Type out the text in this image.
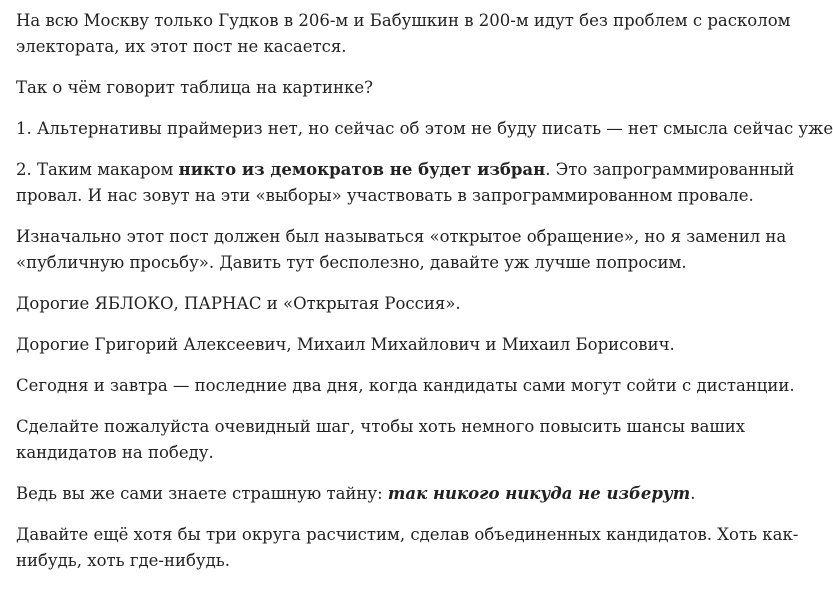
На всю Москву только Гудков в 206-м и Бабушкин в 200-м идут без проблем с расколом
электората, их этот пост не касается.

Так о чём говорит таблица на картинке?

1. Альтернативы праймериз нет, но сейчас об этом не буду писать — нет смысла сейчас уже

2. Таким макаром никто из демократов не будет избран. Это запрограммированный
провал. И нас зовут на эти «выборы» участвовать в запрограммированном провале.

Изначально этот пост должен был называться «открытое обращение», но я заменил на
«публичную просьбу». Давить тут бесполезно, давайте уж лучше попросим.

Дорогие ЯБЛОКО, ПАРНАС и «Открытая Россия».

Дорогие Григорий Алексеевич, Михаил Михайлович и Михаил Борисович.

Сегодня и завтра — последние два дня, когда кандидаты сами могут сойти с дистанции.

Сделайте пожалуйста очевидный шаг, чтобы хоть немного повысить шансы ваших
кандидатов на победу.

Ведь вы же сами знаете страшную тайну: так никого никуда не изберут.

Давайте ещё хотя бы три округа расчистим, сделав объединенных кандидатов. Хоть как-
нибудь, хоть где-нибудь.
